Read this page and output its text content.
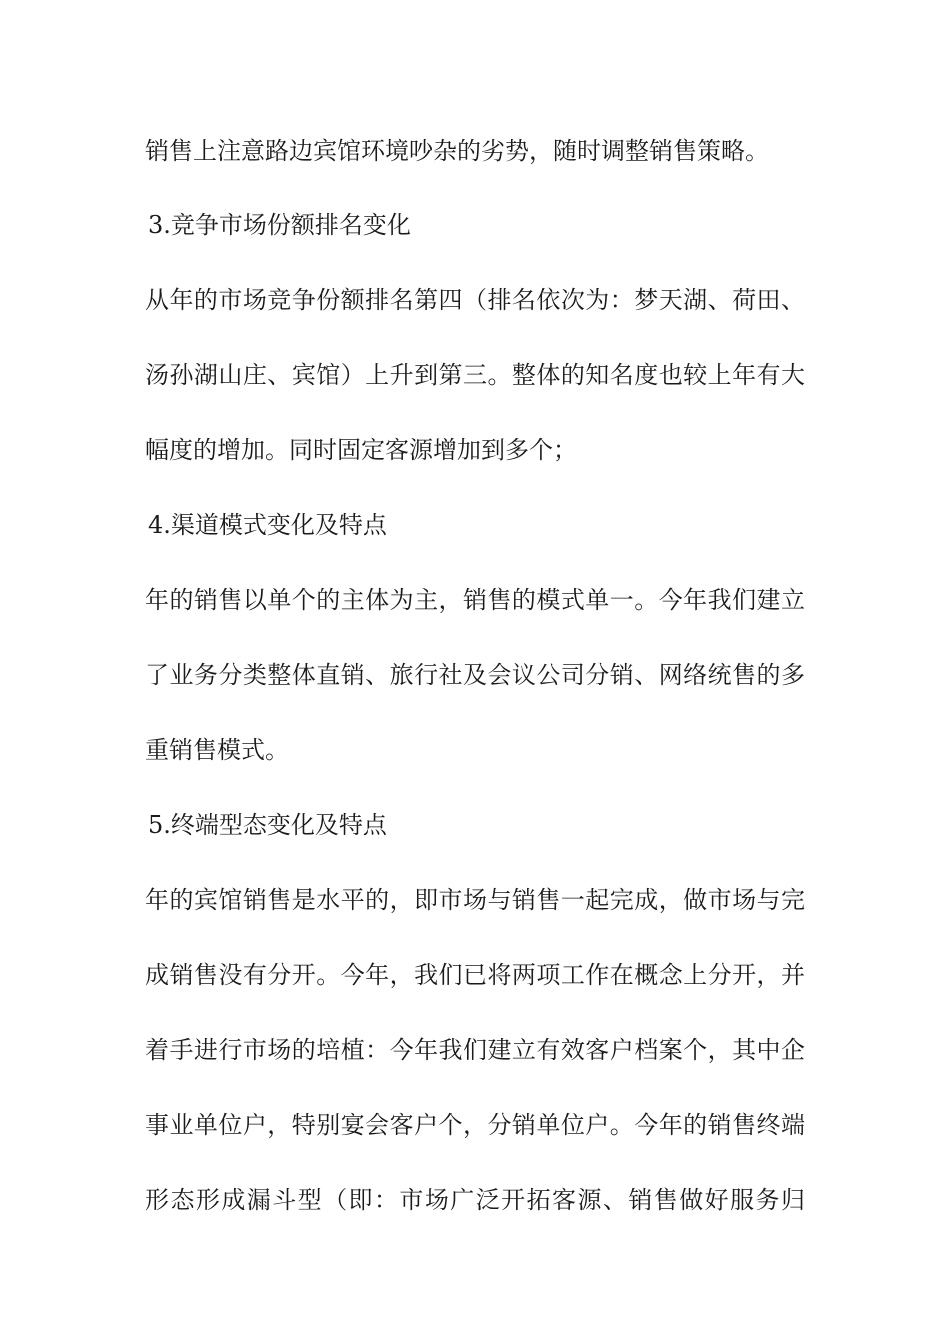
销售上注意路边宾馆环境吵杂的劣势，随时调整销售策略。
3.竞争市场份额排名变化
从年的市场竞争份额排名第四（排名依次为：梦天湖、荷田、
汤孙湖山庄、宾馆）上升到第三。整体的知名度也较上年有大
幅度的增加。同时固定客源增加到多个；
4.渠道模式变化及特点
年的销售以单个的主体为主，销售的模式单一。今年我们建立
了业务分类整体直销、旅行社及会议公司分销、网络统售的多
重销售模式。
5.终端型态变化及特点
年的宾馆销售是水平的，即市场与销售一起完成，做市场与完
成销售没有分开。今年，我们已将两项工作在概念上分开，并
着手进行市场的培植：今年我们建立有效客户档案个，其中企
事业单位户，特别宴会客户个，分销单位户。今年的销售终端
形态形成漏斗型（即：市场广泛开拓客源、销售做好服务归
